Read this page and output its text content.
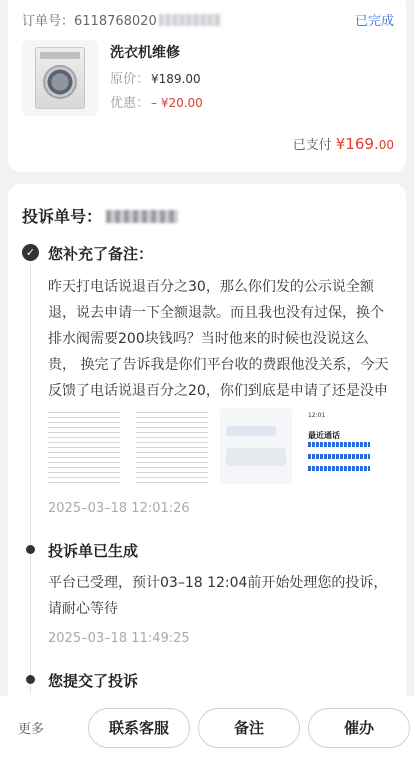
订单号：6118768020	已完成
洗衣机维修
原价： ¥189.00
优惠： – ¥20.00
已支付 ¥169.00
投诉单号：
✓ 您补充了备注：
昨天打电话说退百分之30，那么你们发的公示说全额退，说去申请一下全额退款。而且我也没有过保，换个排水阀需要200块钱吗？当时他来的时候也没说这么贵， 换完了告诉我是你们平台收的费跟他没关系，今天反馈了电话说退百分之20，你们到底是申请了还是没申
12:01
最近通话
2025–03–18 12:01:26
投诉单已生成
平台已受理，预计03–18 12:04前开始处理您的投诉，请耐心等待
2025–03–18 11:49:25
您提交了投诉
更多	联系客服	备注	催办
